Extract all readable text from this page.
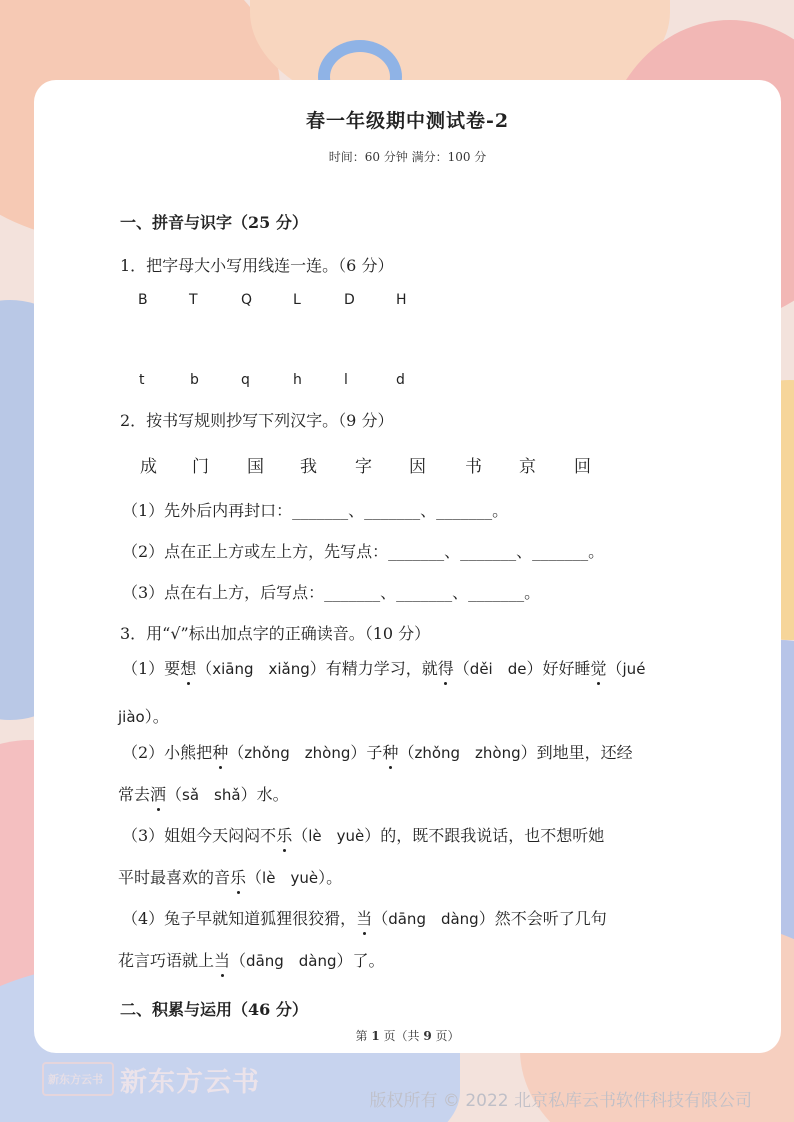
春一年级期中测试卷-2
时间：60 分钟 满分：100 分
一、拼音与识字（25 分）
1．把字母大小写用线连一连。（6 分）
B	T	Q	L	D	H
t	b	q	h	l	d
2．按书写规则抄写下列汉字。（9 分）
成 门 国 我 字 因 书 京 回
（1）先外后内再封口：_______、_______、_______。
（2）点在正上方或左上方，先写点：_______、_______、_______。
（3）点在右上方，后写点：_______、_______、_______。
3．用“√”标出加点字的正确读音。（10 分）
（1）要想（xiāng　xiǎng）有精力学习，就得（děi　de）好好睡觉（jué
jiào）。
（2）小熊把种（zhǒng　zhòng）子种（zhǒng　zhòng）到地里，还经
常去洒（sǎ　shǎ）水。
（3）姐姐今天闷闷不乐（lè　yuè）的，既不跟我说话，也不想听她
平时最喜欢的音乐（lè　yuè）。
（4）兔子早就知道狐狸很狡猾，当（dāng　dàng）然不会听了几句
花言巧语就上当（dāng　dàng）了。
二、积累与运用（46 分）
第 1 页（共 9 页）
新东方云书 新东方云书
版权所有 © 2022 北京私库云书软件科技有限公司
